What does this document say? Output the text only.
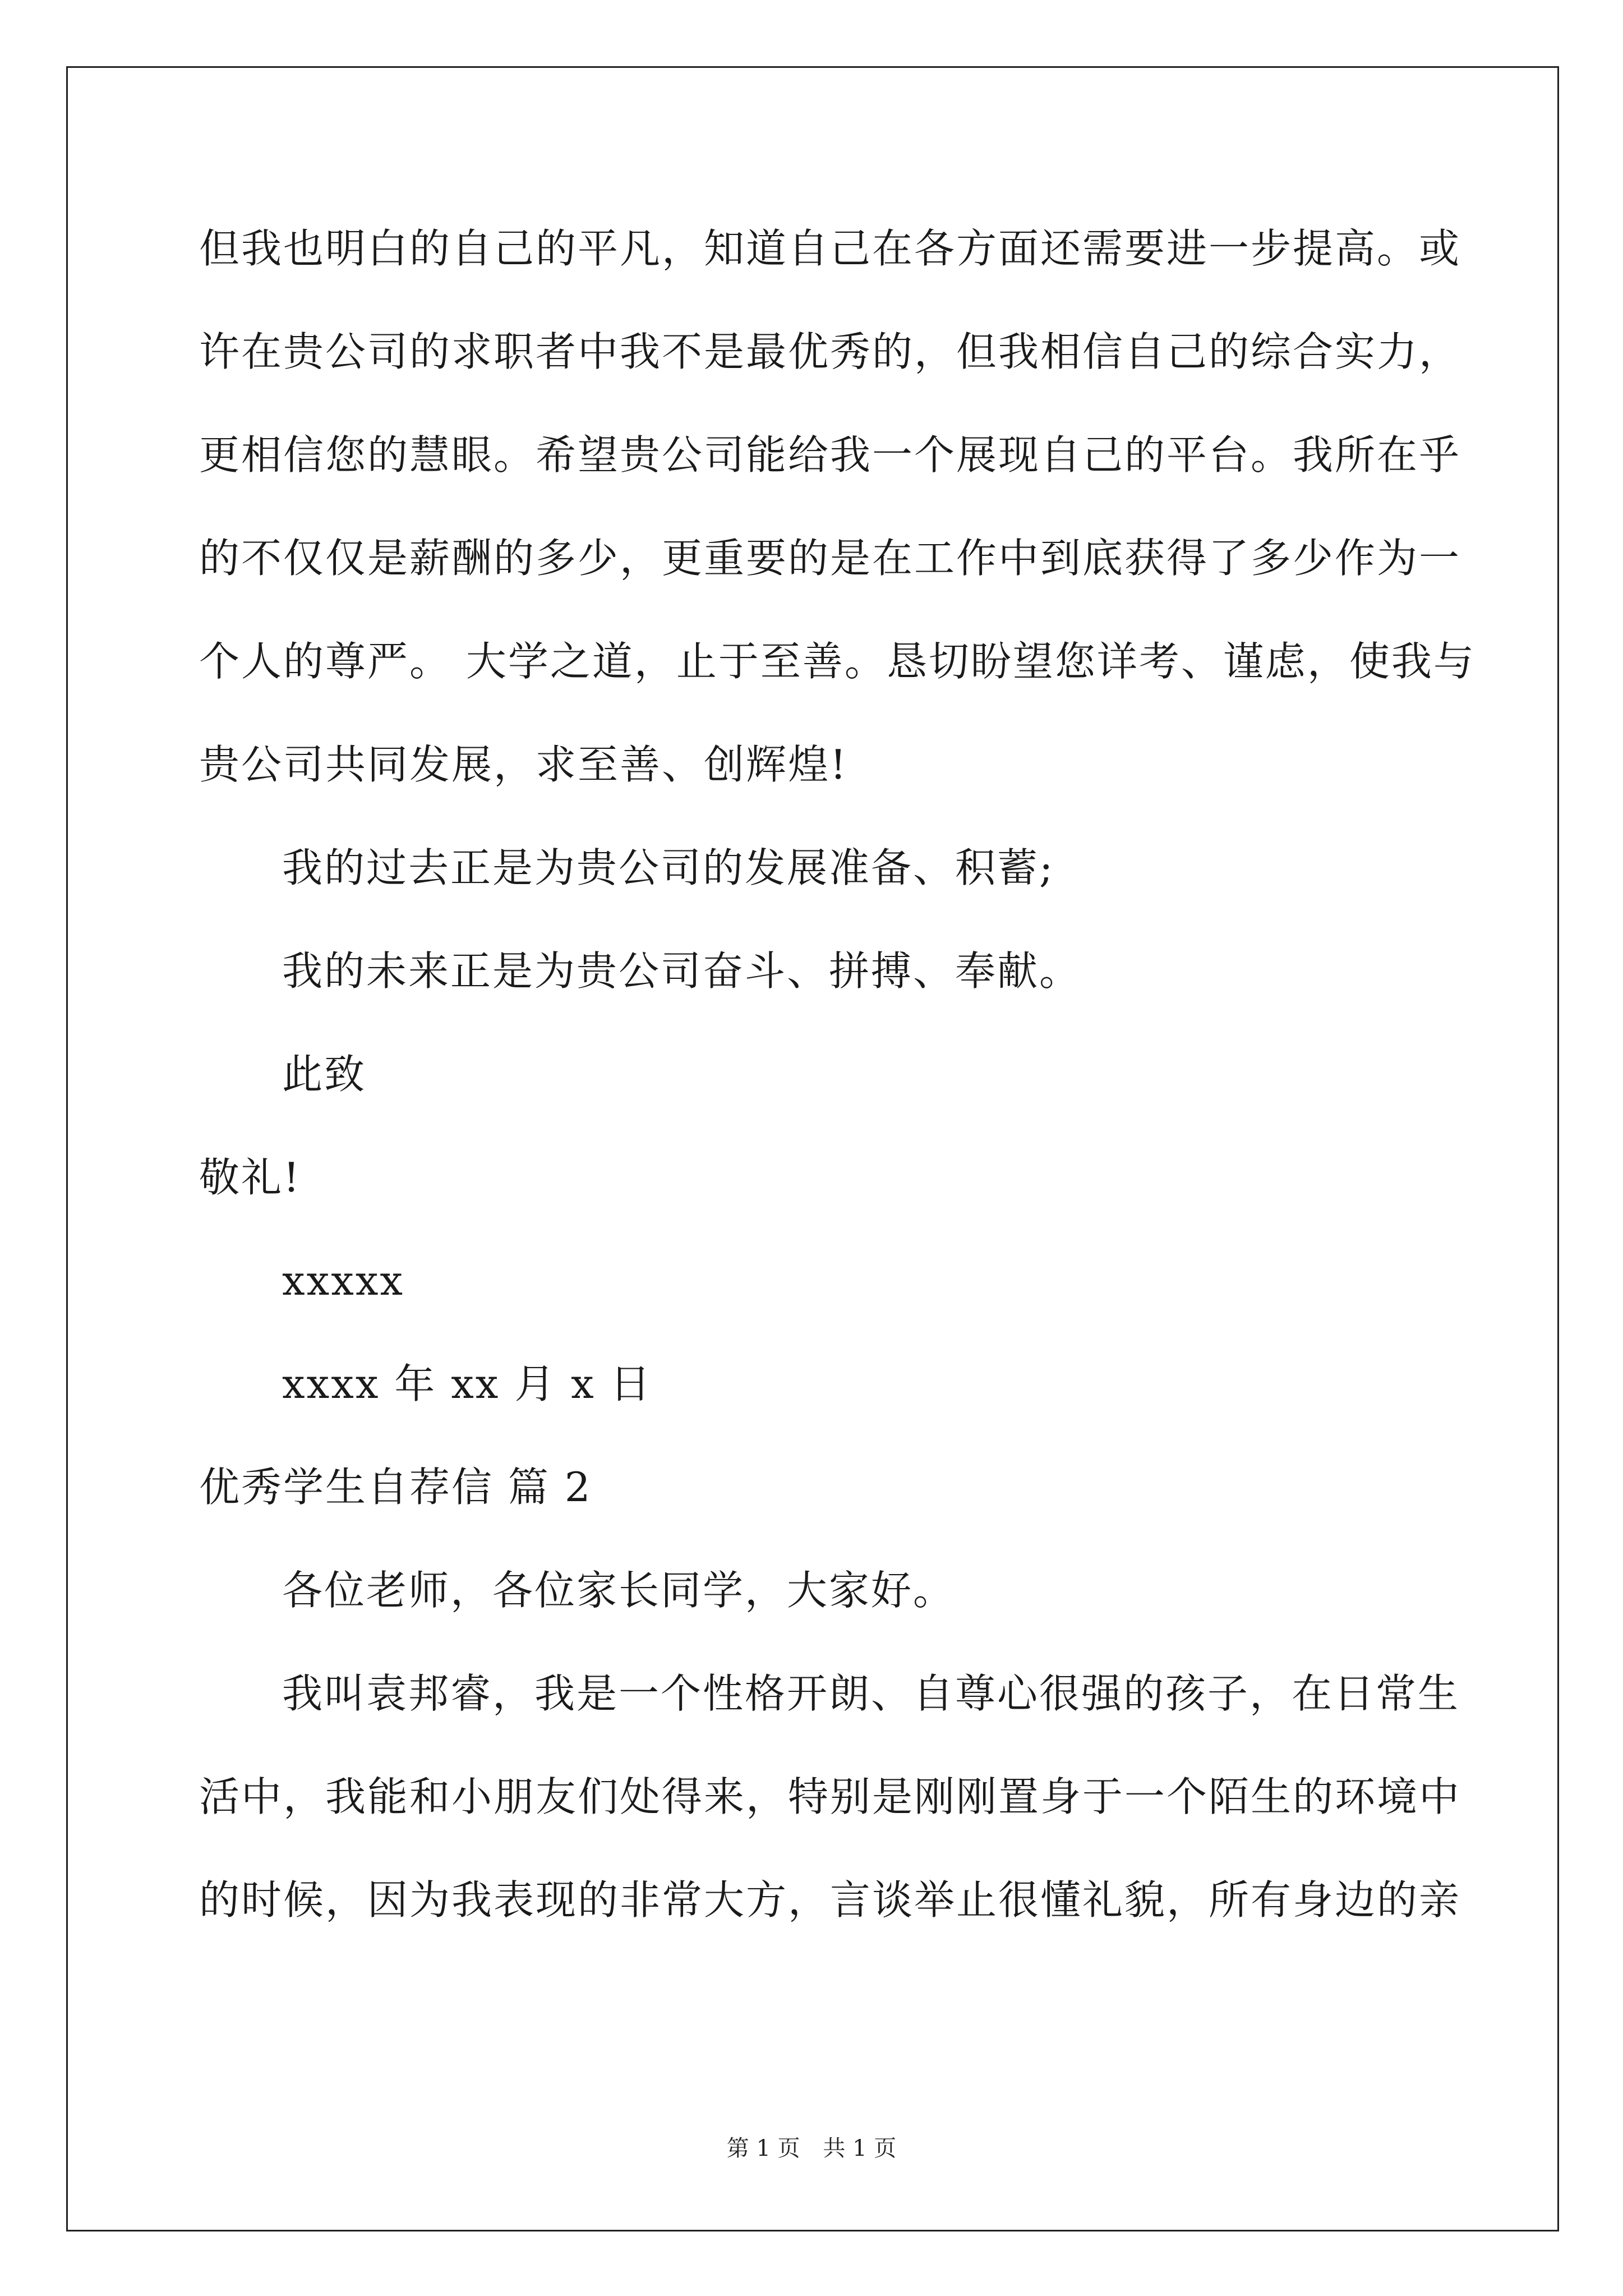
但我也明白的自己的平凡，知道自己在各方面还需要进一步提高。或
许在贵公司的求职者中我不是最优秀的，但我相信自己的综合实力，
更相信您的慧眼。希望贵公司能给我一个展现自己的平台。我所在乎
的不仅仅是薪酬的多少，更重要的是在工作中到底获得了多少作为一
个人的尊严。 大学之道，止于至善。恳切盼望您详考、谨虑，使我与
贵公司共同发展，求至善、创辉煌!
我的过去正是为贵公司的发展准备、积蓄;
我的未来正是为贵公司奋斗、拼搏、奉献。
此致
敬礼!
xxxxx
xxxx 年 xx 月 x 日
优秀学生自荐信 篇 2
各位老师，各位家长同学，大家好。
我叫袁邦睿，我是一个性格开朗、自尊心很强的孩子，在日常生
活中，我能和小朋友们处得来，特别是刚刚置身于一个陌生的环境中
的时候，因为我表现的非常大方，言谈举止很懂礼貌，所有身边的亲
第 1 页 共 1 页
